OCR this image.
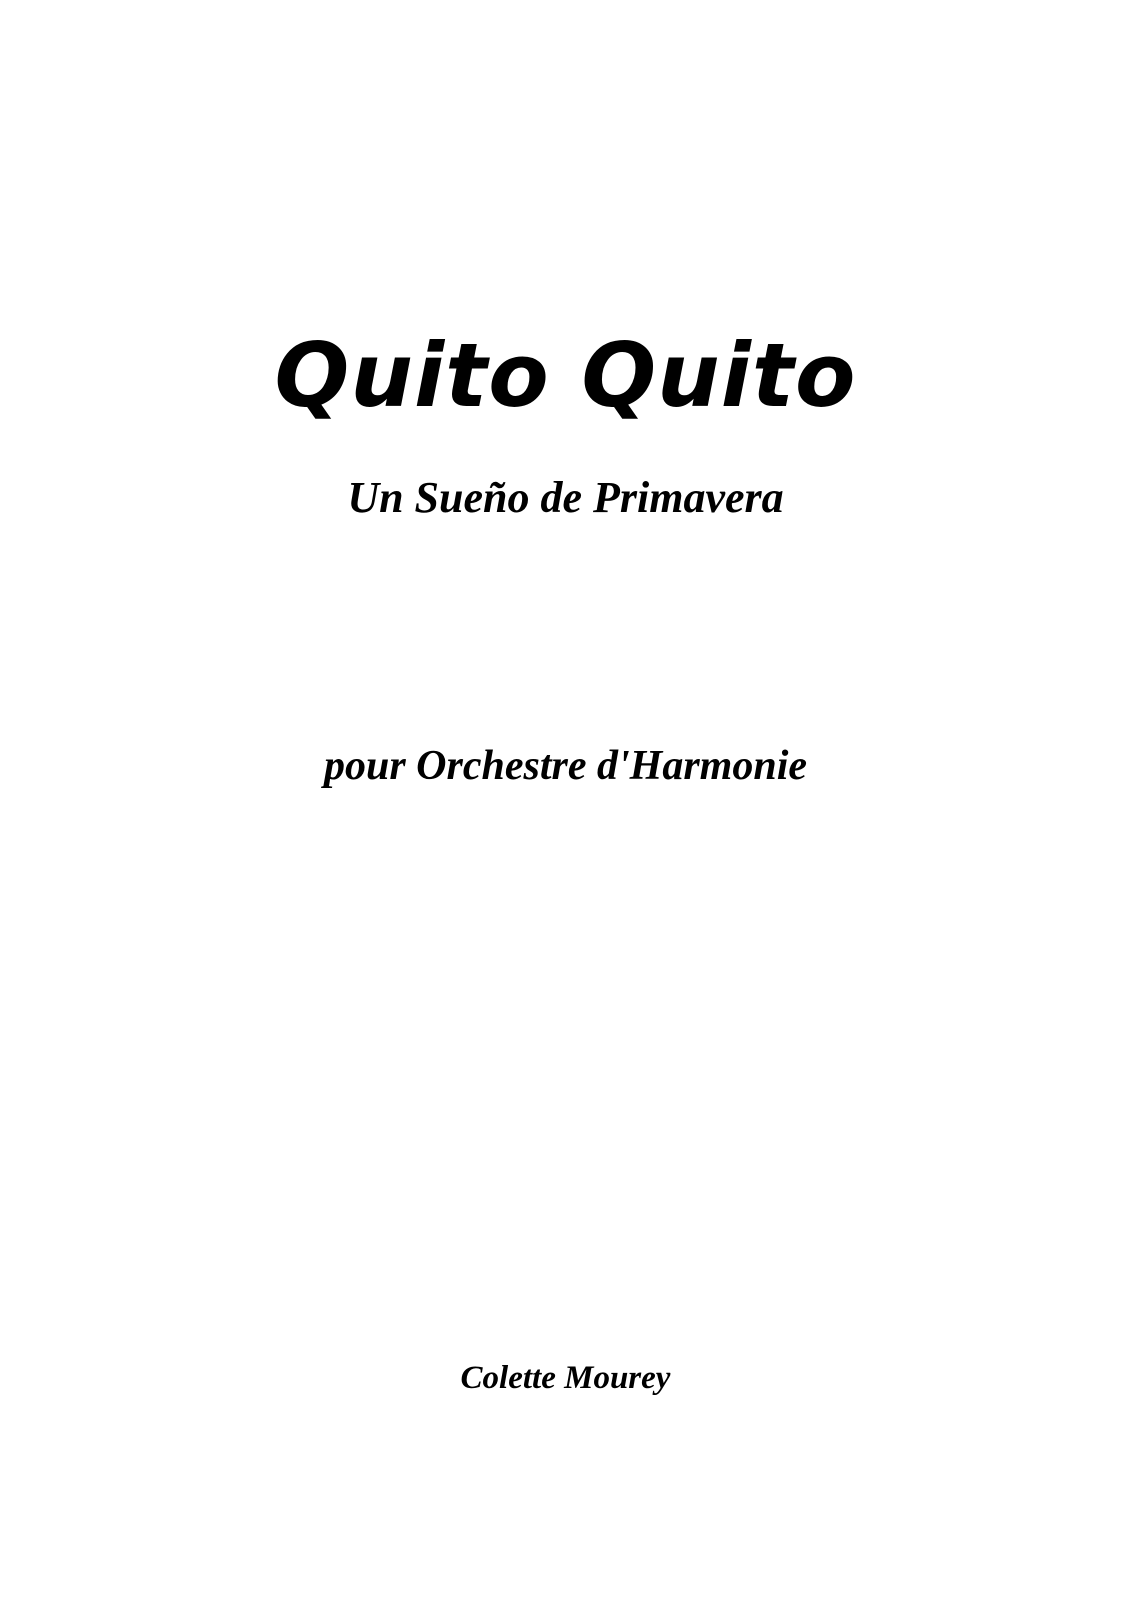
Quito Quito
Un Sueño de Primavera

pour Orchestre d'Harmonie

Colette Mourey
